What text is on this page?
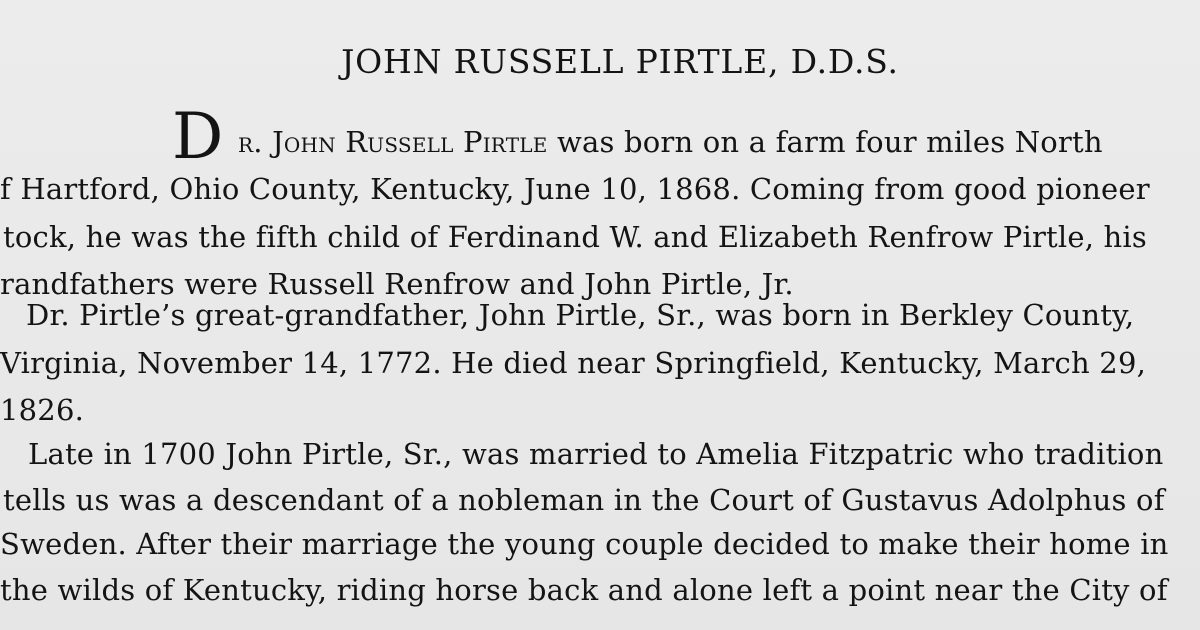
JOHN RUSSELL PIRTLE, D.D.S.
D r. John Russell Pirtle was born on a farm four miles North
f Hartford, Ohio County, Kentucky, June 10, 1868. Coming from good pioneer
tock, he was the fifth child of Ferdinand W. and Elizabeth Renfrow Pirtle, his
randfathers were Russell Renfrow and John Pirtle, Jr.
Dr. Pirtle’s great-grandfather, John Pirtle, Sr., was born in Berkley County,
Virginia, November 14, 1772. He died near Springfield, Kentucky, March 29,
1826.
Late in 1700 John Pirtle, Sr., was married to Amelia Fitzpatric who tradition
tells us was a descendant of a nobleman in the Court of Gustavus Adolphus of
Sweden. After their marriage the young couple decided to make their home in
the wilds of Kentucky, riding horse back and alone left a point near the City of
